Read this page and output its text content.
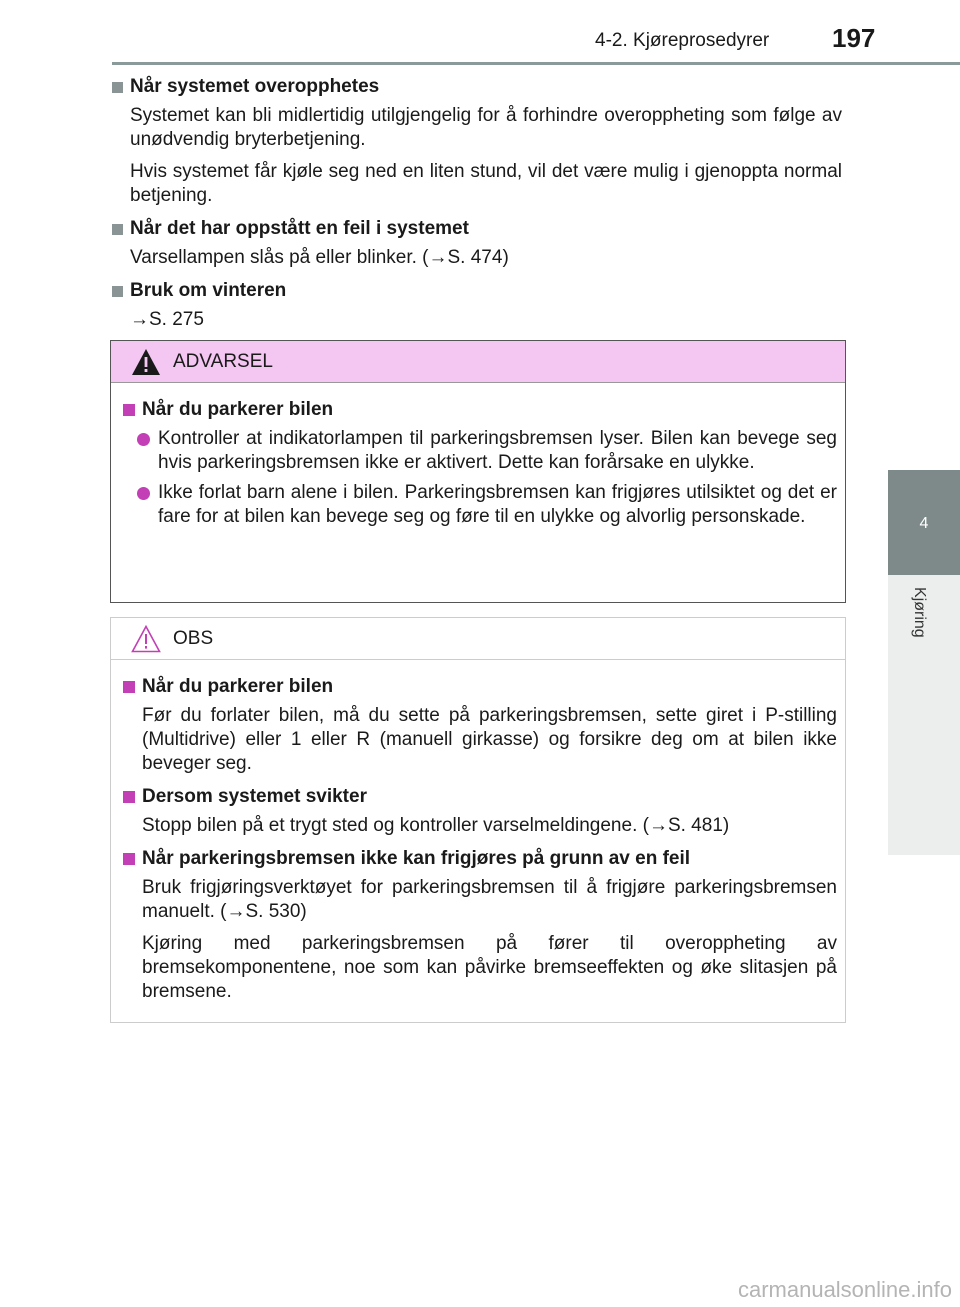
4-2. Kjøreprosedyrer 197
4
Kjøring
Når systemet overopphetes

Systemet kan bli midlertidig utilgjengelig for å forhindre overoppheting som følge av unødvendig bryterbetjening.

Hvis systemet får kjøle seg ned en liten stund, vil det være mulig i gjenoppta normal betjening.

Når det har oppstått en feil i systemet

Varsellampen slås på eller blinker. (→S. 474)

Bruk om vinteren

→S. 275

ADVARSEL
Når du parkerer bilen
Kontroller at indikatorlampen til parkeringsbremsen lyser. Bilen kan bevege seg hvis parkeringsbremsen ikke er aktivert. Dette kan forårsake en ulykke.
Ikke forlat barn alene i bilen. Parkeringsbremsen kan frigjøres utilsiktet og det er fare for at bilen kan bevege seg og føre til en ulykke og alvorlig personskade.
OBS
Når du parkerer bilen

Før du forlater bilen, må du sette på parkeringsbremsen, sette giret i P-stilling (Multidrive) eller 1 eller R (manuell girkasse) og forsikre deg om at bilen ikke beveger seg.

Dersom systemet svikter

Stopp bilen på et trygt sted og kontroller varselmeldingene. (→S. 481)

Når parkeringsbremsen ikke kan frigjøres på grunn av en feil

Bruk frigjøringsverktøyet for parkeringsbremsen til å frigjøre parkeringsbremsen manuelt. (→S. 530)

Kjøring med parkeringsbremsen på fører til overoppheting av bremsekomponentene, noe som kan påvirke bremseeffekten og øke slitasjen på bremsene.

carmanualsonline.info
